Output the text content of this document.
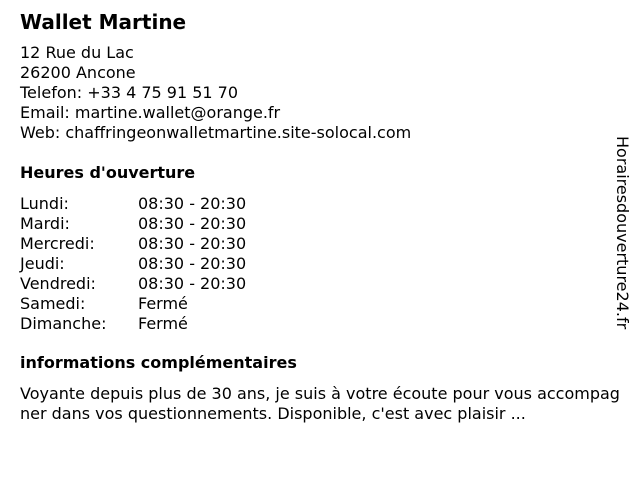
Wallet Martine
12 Rue du Lac
26200 Ancone
Telefon: +33 4 75 91 51 70
Email: martine.wallet@orange.fr
Web: chaffringeonwalletmartine.site-solocal.com
Heures d'ouverture
Lundi:	08:30 - 20:30
Mardi:	08:30 - 20:30
Mercredi:	08:30 - 20:30
Jeudi:	08:30 - 20:30
Vendredi:	08:30 - 20:30
Samedi:	Fermé
Dimanche:	Fermé
informations complémentaires
Voyante depuis plus de 30 ans, je suis à votre écoute pour vous accompagner dans vos questionnements. Disponible, c'est avec plaisir ...
Horairesdouverture24.fr
